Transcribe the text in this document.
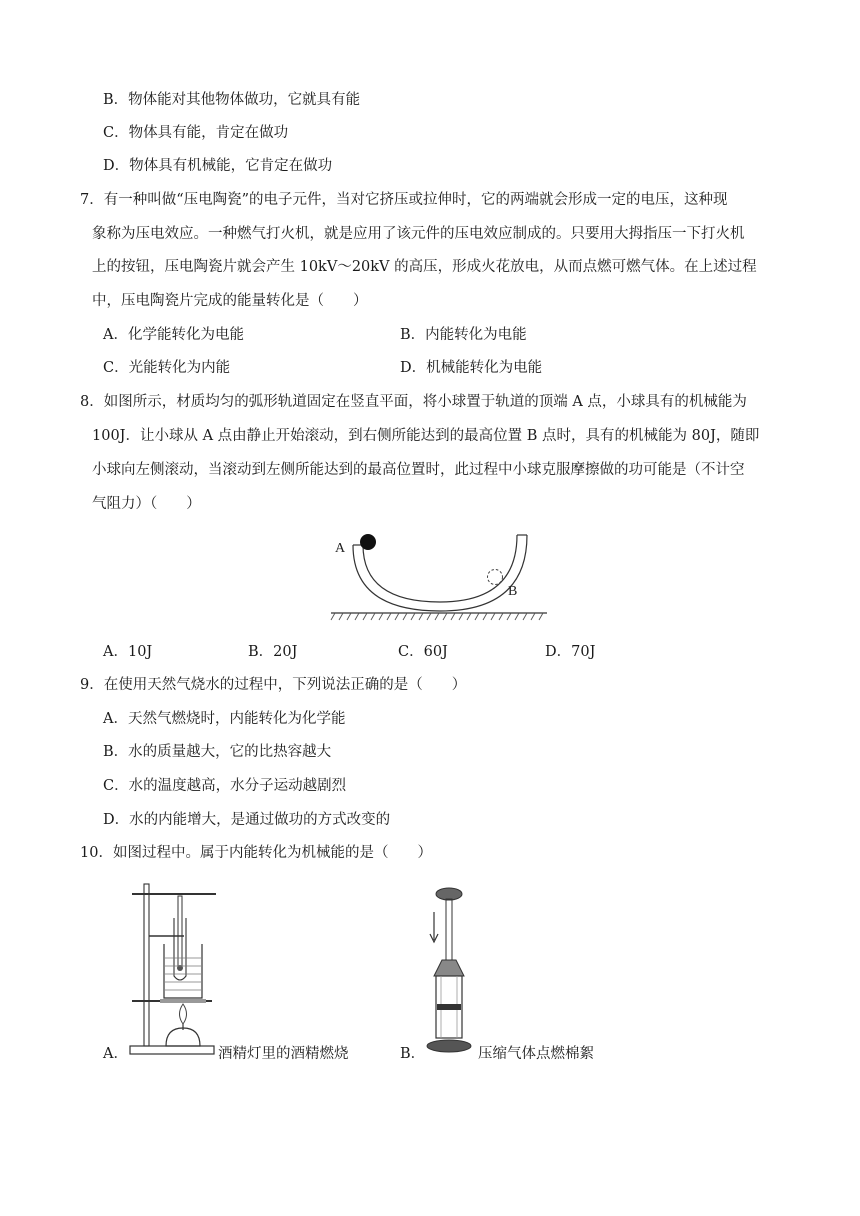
B．物体能对其他物体做功，它就具有能
C．物体具有能，肯定在做功
D．物体具有机械能，它肯定在做功
7．有一种叫做“压电陶瓷”的电子元件，当对它挤压或拉伸时，它的两端就会形成一定的电压，这种现
象称为压电效应。一种燃气打火机，就是应用了该元件的压电效应制成的。只要用大拇指压一下打火机
上的按钮，压电陶瓷片就会产生 10kV～20kV 的高压，形成火花放电，从而点燃可燃气体。在上述过程
中，压电陶瓷片完成的能量转化是（　　）
A．化学能转化为电能	B．内能转化为电能
C．光能转化为内能	D．机械能转化为电能
8．如图所示，材质均匀的弧形轨道固定在竖直平面，将小球置于轨道的顶端 A 点，小球具有的机械能为
100J．让小球从 A 点由静止开始滚动，到右侧所能达到的最高位置 B 点时，具有的机械能为 80J，随即
小球向左侧滚动，当滚动到左侧所能达到的最高位置时，此过程中小球克服摩擦做的功可能是（不计空
气阻力）（　　）
A
B
A．10J	B．20J	C．60J	D．70J
9．在使用天然气烧水的过程中，下列说法正确的是（　　）
A．天然气燃烧时，内能转化为化学能
B．水的质量越大，它的比热容越大
C．水的温度越高，水分子运动越剧烈
D．水的内能增大，是通过做功的方式改变的
10．如图过程中。属于内能转化为机械能的是（　　）
A．	酒精灯里的酒精燃烧	B．	压缩气体点燃棉絮
